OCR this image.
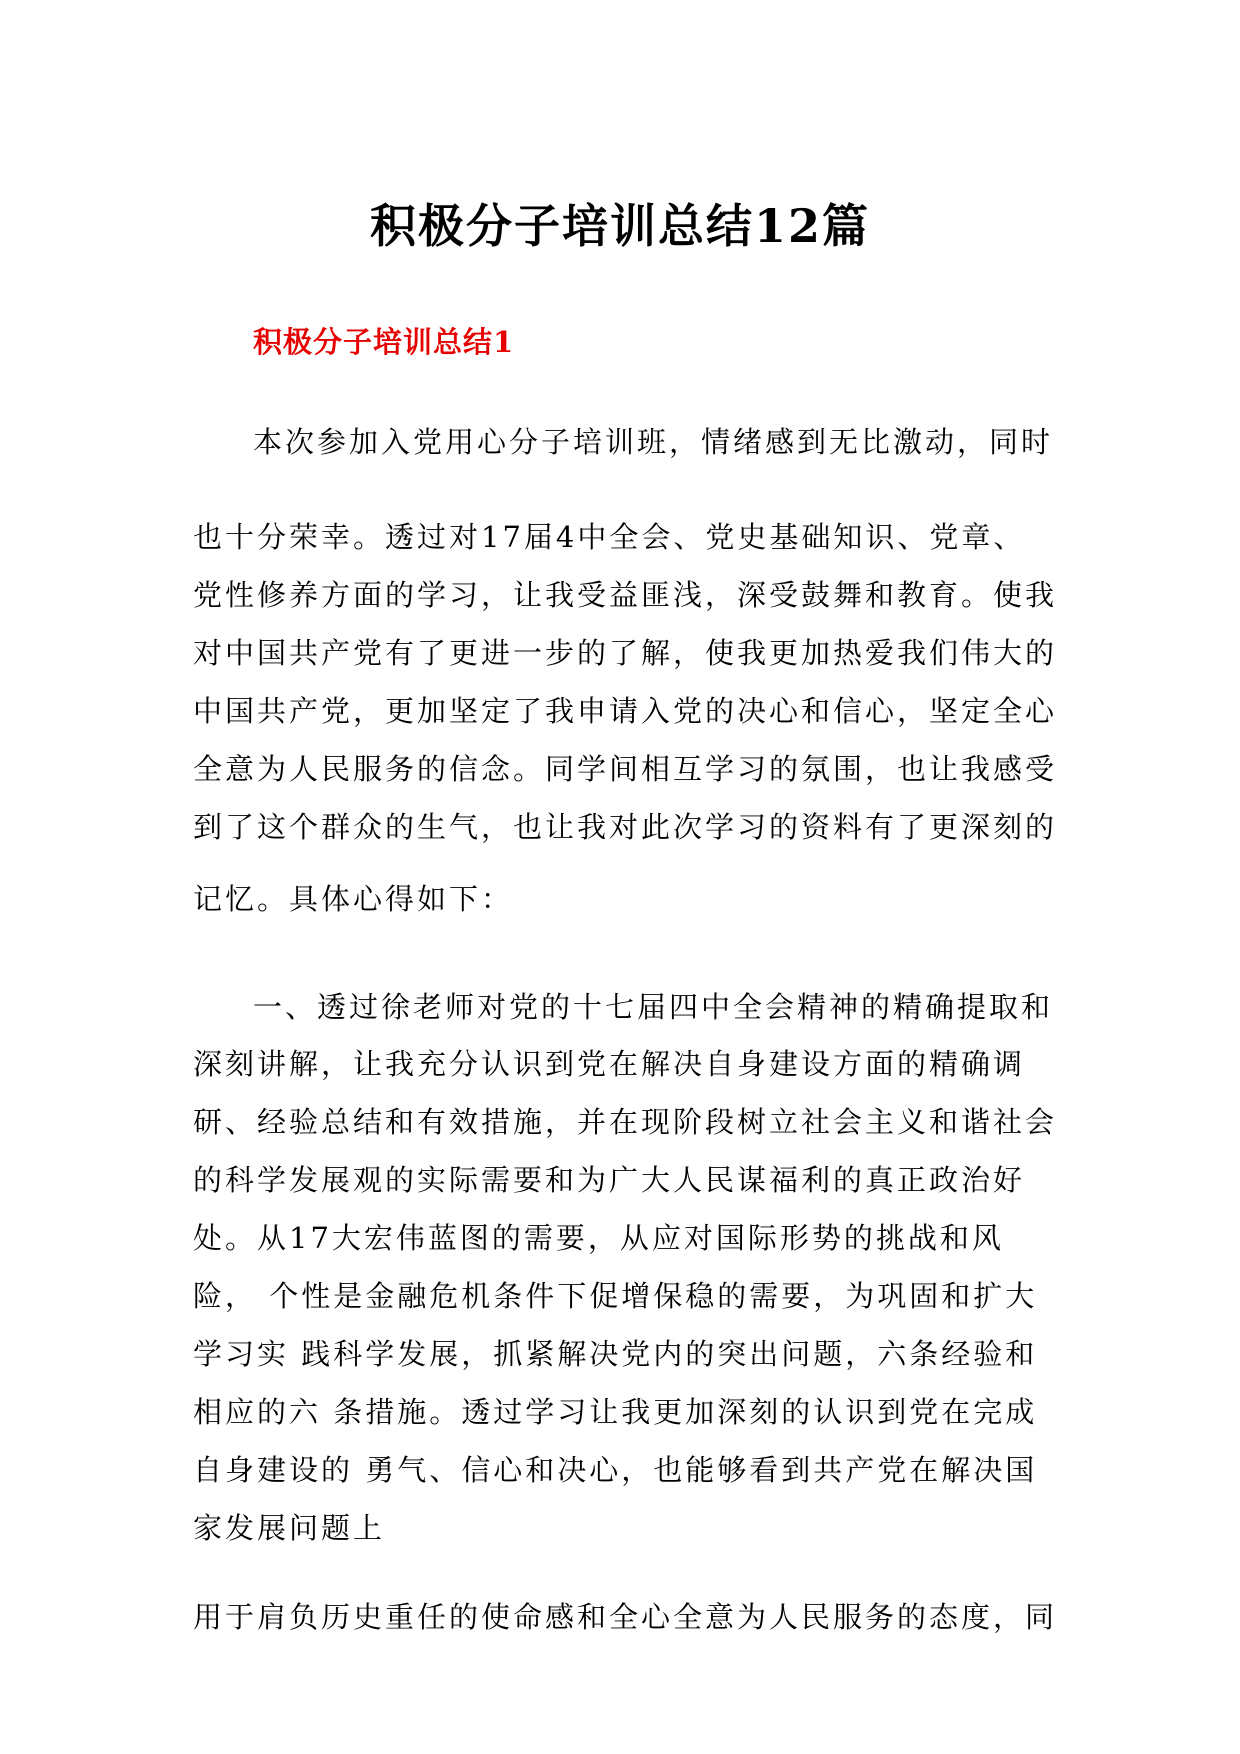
积极分子培训总结12篇
积极分子培训总结1
本次参加入党用心分子培训班，情绪感到无比激动，同时
也十分荣幸。透过对17届4中全会、党史基础知识、党章、
党性修养方面的学习，让我受益匪浅，深受鼓舞和教育。使我
对中国共产党有了更进一步的了解，使我更加热爱我们伟大的
中国共产党，更加坚定了我申请入党的决心和信心，坚定全心
全意为人民服务的信念。同学间相互学习的氛围，也让我感受
到了这个群众的生气，也让我对此次学习的资料有了更深刻的
记忆。具体心得如下：
一、透过徐老师对党的十七届四中全会精神的精确提取和
深刻讲解，让我充分认识到党在解决自身建设方面的精确调
研、经验总结和有效措施，并在现阶段树立社会主义和谐社会
的科学发展观的实际需要和为广大人民谋福利的真正政治好
处。从17大宏伟蓝图的需要，从应对国际形势的挑战和风
险， 个性是金融危机条件下促增保稳的需要，为巩固和扩大
学习实 践科学发展，抓紧解决党内的突出问题，六条经验和
相应的六 条措施。透过学习让我更加深刻的认识到党在完成
自身建设的 勇气、信心和决心，也能够看到共产党在解决国
家发展问题上
用于肩负历史重任的使命感和全心全意为人民服务的态度，同
